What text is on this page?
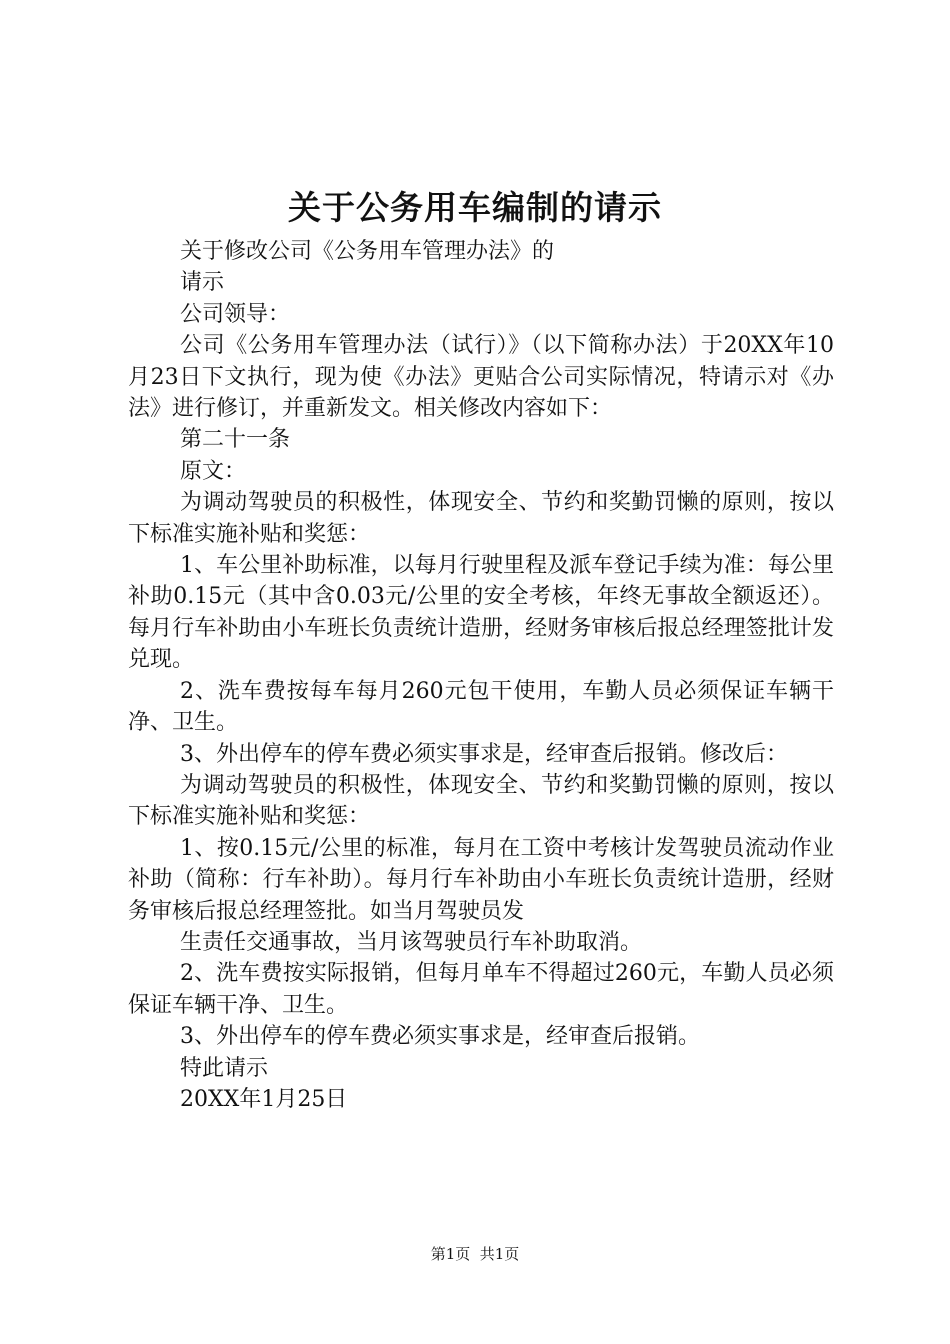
关于公务用车编制的请示

关于修改公司《公务用车管理办法》的

请示

公司领导：

公司《公务用车管理办法（试行）》（以下简称办法）于20XX年10月23日下文执行，现为使《办法》更贴合公司实际情况，特请示对《办法》进行修订，并重新发文。相关修改内容如下：

第二十一条

原文：

为调动驾驶员的积极性，体现安全、节约和奖勤罚懒的原则，按以下标准实施补贴和奖惩：

1、车公里补助标准，以每月行驶里程及派车登记手续为准：每公里补助0.15元（其中含0.03元/公里的安全考核，年终无事故全额返还）。每月行车补助由小车班长负责统计造册，经财务审核后报总经理签批计发兑现。

2、洗车费按每车每月260元包干使用，车勤人员必须保证车辆干净、卫生。

3、外出停车的停车费必须实事求是，经审查后报销。修改后：

为调动驾驶员的积极性，体现安全、节约和奖勤罚懒的原则，按以下标准实施补贴和奖惩：

1、按0.15元/公里的标准，每月在工资中考核计发驾驶员流动作业补助（简称：行车补助）。每月行车补助由小车班长负责统计造册，经财务审核后报总经理签批。如当月驾驶员发

生责任交通事故，当月该驾驶员行车补助取消。

2、洗车费按实际报销，但每月单车不得超过260元，车勤人员必须保证车辆干净、卫生。

3、外出停车的停车费必须实事求是，经审查后报销。

特此请示

20XX年1月25日

第1页  共1页
